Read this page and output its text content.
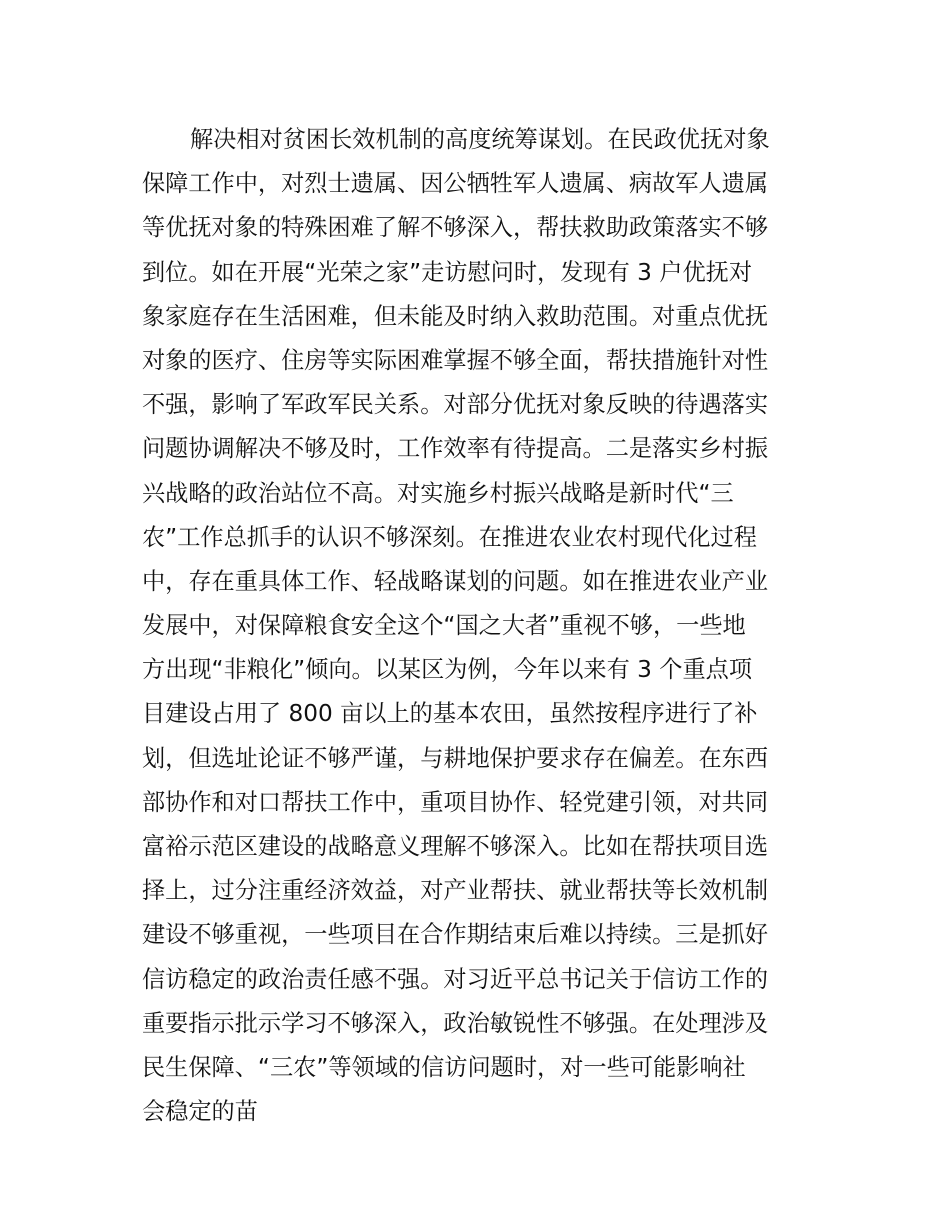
解决相对贫困长效机制的高度统筹谋划。在民政优抚对象
保障工作中，对烈士遗属、因公牺牲军人遗属、病故军人遗属
等优抚对象的特殊困难了解不够深入，帮扶救助政策落实不够
到位。如在开展“光荣之家”走访慰问时，发现有 3 户优抚对
象家庭存在生活困难，但未能及时纳入救助范围。对重点优抚
对象的医疗、住房等实际困难掌握不够全面，帮扶措施针对性
不强，影响了军政军民关系。对部分优抚对象反映的待遇落实
问题协调解决不够及时，工作效率有待提高。二是落实乡村振
兴战略的政治站位不高。对实施乡村振兴战略是新时代“三
农”工作总抓手的认识不够深刻。在推进农业农村现代化过程
中，存在重具体工作、轻战略谋划的问题。如在推进农业产业
发展中，对保障粮食安全这个“国之大者”重视不够，一些地
方出现“非粮化”倾向。以某区为例，今年以来有 3 个重点项
目建设占用了 800 亩以上的基本农田，虽然按程序进行了补
划，但选址论证不够严谨，与耕地保护要求存在偏差。在东西
部协作和对口帮扶工作中，重项目协作、轻党建引领，对共同
富裕示范区建设的战略意义理解不够深入。比如在帮扶项目选
择上，过分注重经济效益，对产业帮扶、就业帮扶等长效机制
建设不够重视，一些项目在合作期结束后难以持续。三是抓好
信访稳定的政治责任感不强。对习近平总书记关于信访工作的
重要指示批示学习不够深入，政治敏锐性不够强。在处理涉及
民生保障、“三农”等领域的信访问题时，对一些可能影响社
会稳定的苗
